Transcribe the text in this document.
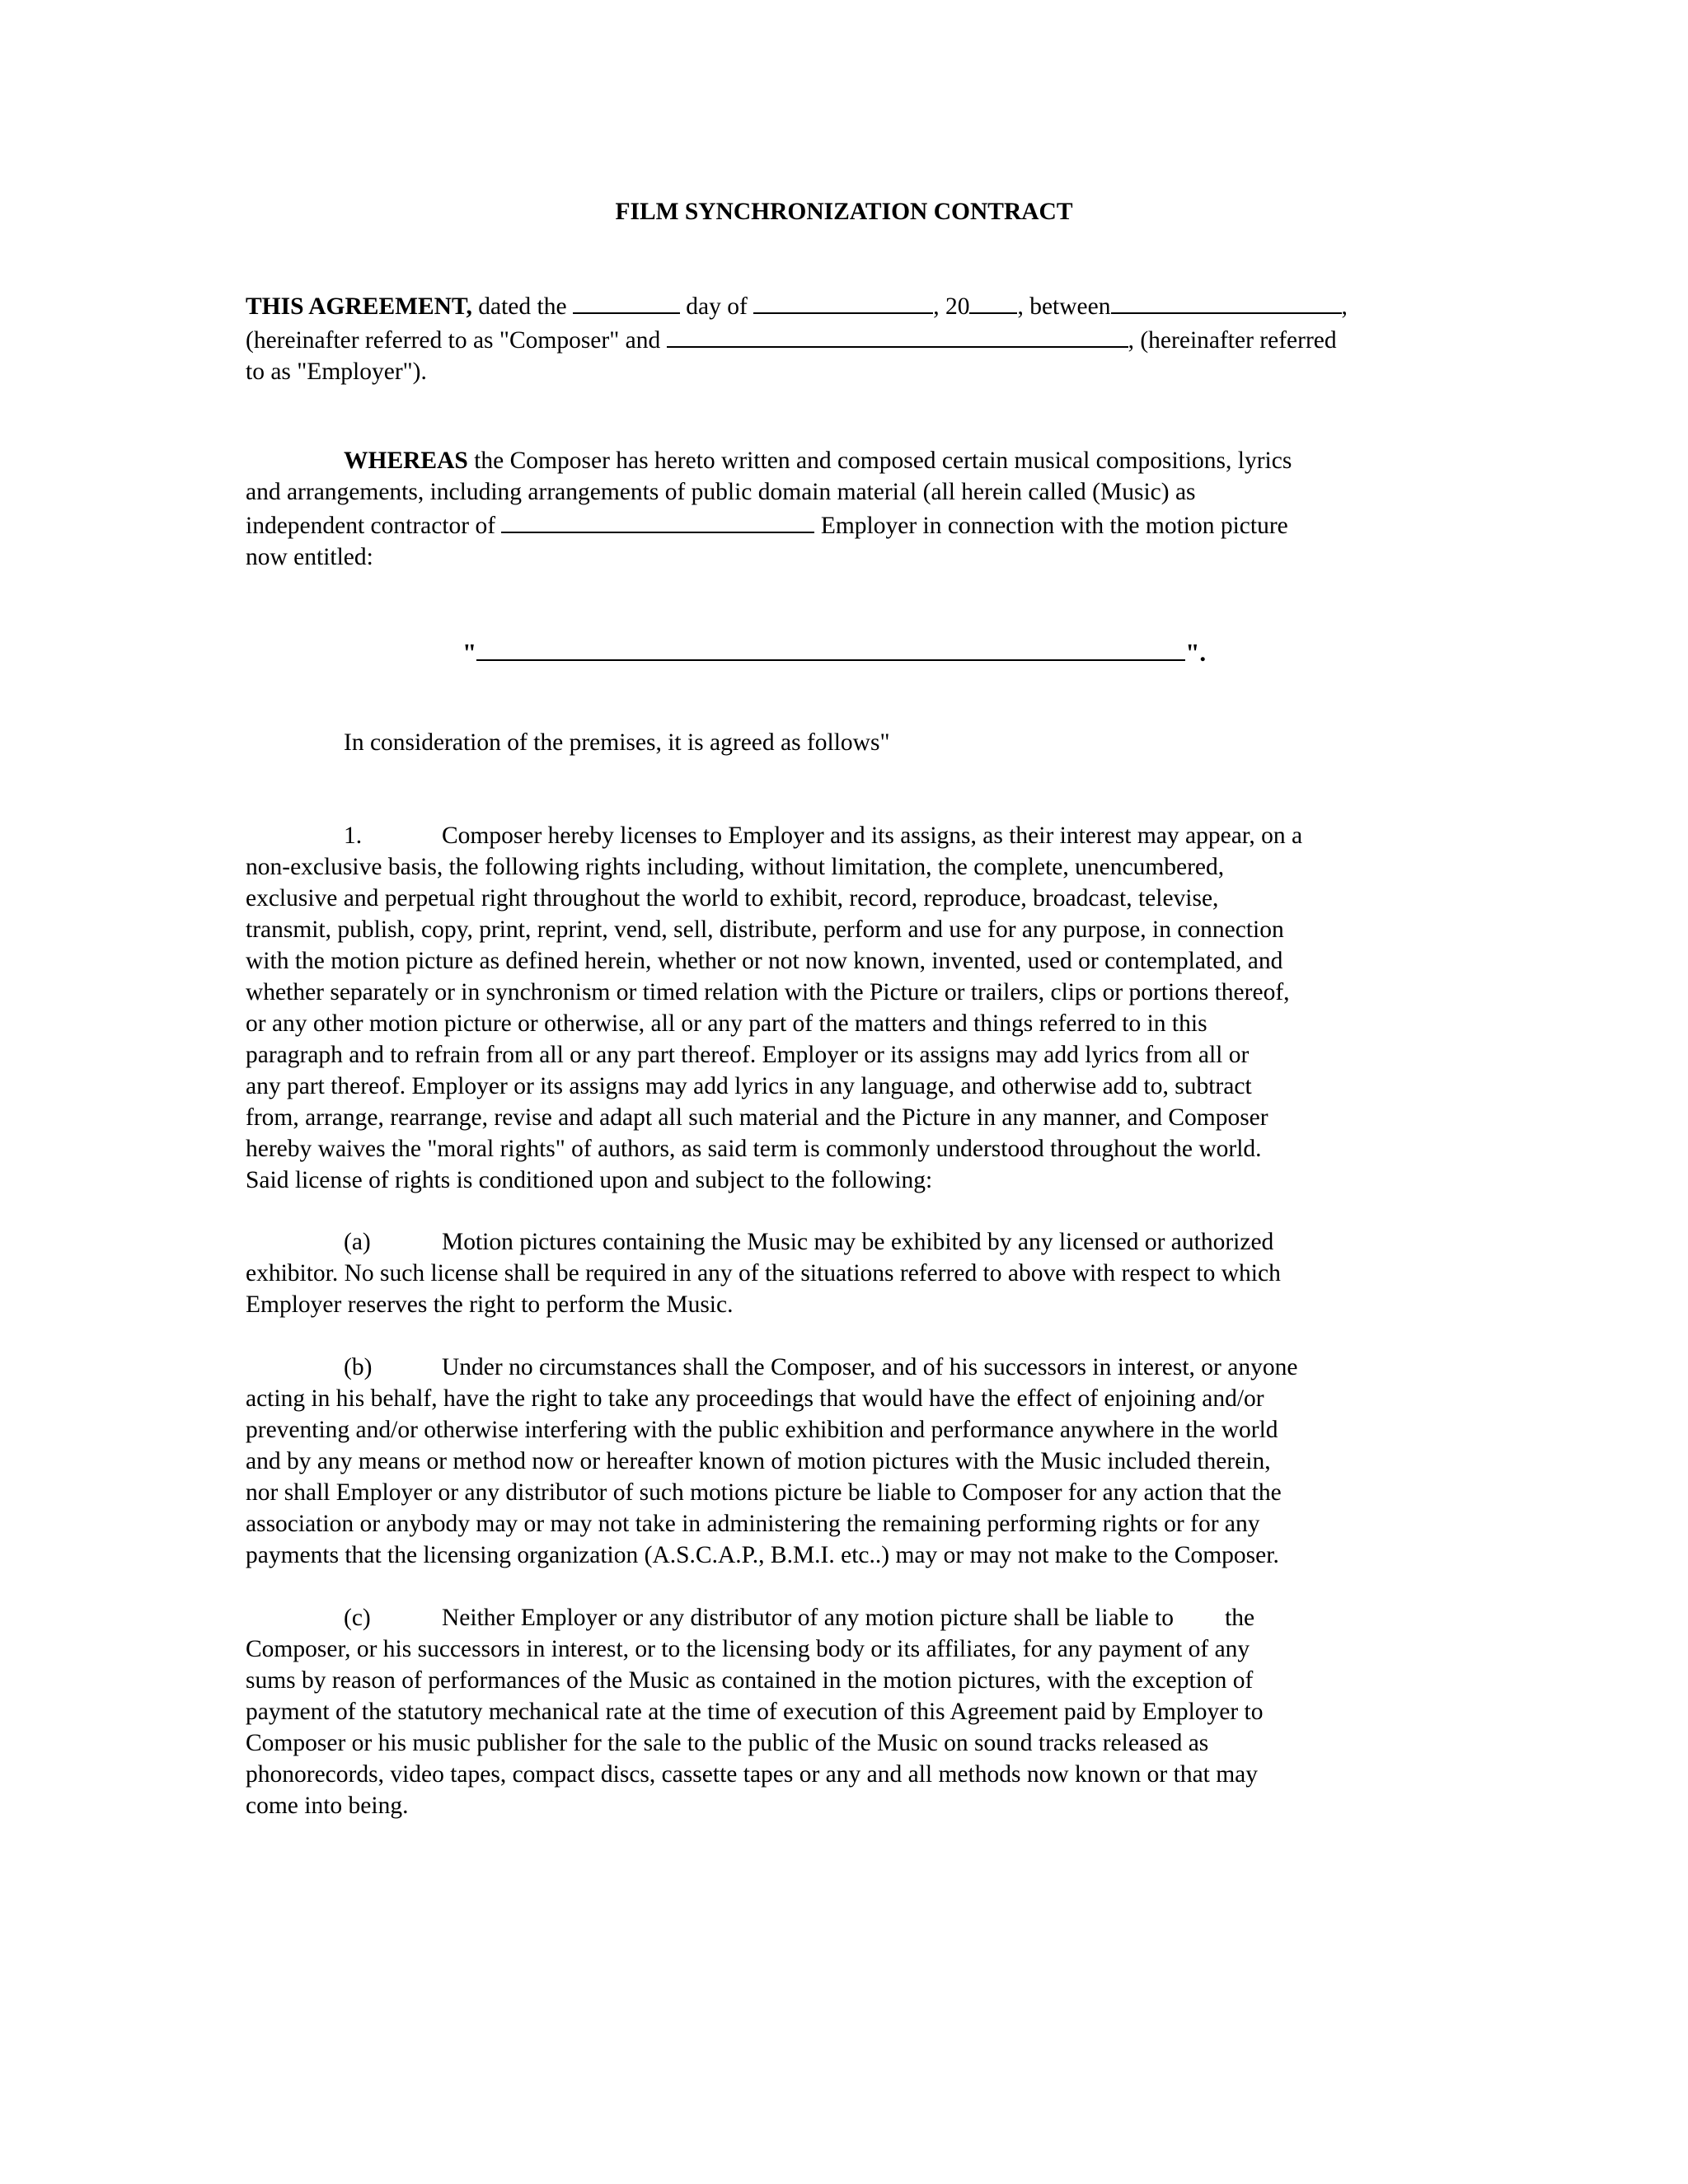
FILM SYNCHRONIZATION CONTRACT

THIS AGREEMENT, dated the	day of	, 20 , between	,
(hereinafter referred to as "Composer" and	, (hereinafter referred
to as "Employer").
WHEREAS the Composer has hereto written and composed certain musical compositions, lyrics
and arrangements, including arrangements of public domain material (all herein called (Music) as
independent contractor of	Employer in connection with the motion picture
now entitled:
"	".
In consideration of the premises, it is agreed as follows"
1.	Composer hereby licenses to Employer and its assigns, as their interest may appear, on a
non-exclusive basis, the following rights including, without limitation, the complete, unencumbered,
exclusive and perpetual right throughout the world to exhibit, record, reproduce, broadcast, televise,
transmit, publish, copy, print, reprint, vend, sell, distribute, perform and use for any purpose, in connection
with the motion picture as defined herein, whether or not now known, invented, used or contemplated, and
whether separately or in synchronism or timed relation with the Picture or trailers, clips or portions thereof,
or any other motion picture or otherwise, all or any part of the matters and things referred to in this
paragraph and to refrain from all or any part thereof. Employer or its assigns may add lyrics from all or
any part thereof. Employer or its assigns may add lyrics in any language, and otherwise add to, subtract
from, arrange, rearrange, revise and adapt all such material and the Picture in any manner, and Composer
hereby waives the "moral rights" of authors, as said term is commonly understood throughout the world.
Said license of rights is conditioned upon and subject to the following:
(a)	Motion pictures containing the Music may be exhibited by any licensed or authorized
exhibitor. No such license shall be required in any of the situations referred to above with respect to which
Employer reserves the right to perform the Music.
(b)	Under no circumstances shall the Composer, and of his successors in interest, or anyone
acting in his behalf, have the right to take any proceedings that would have the effect of enjoining and/or
preventing and/or otherwise interfering with the public exhibition and performance anywhere in the world
and by any means or method now or hereafter known of motion pictures with the Music included therein,
nor shall Employer or any distributor of such motions picture be liable to Composer for any action that the
association or anybody may or may not take in administering the remaining performing rights or for any
payments that the licensing organization (A.S.C.A.P., B.M.I. etc..) may or may not make to the Composer.
(c)	Neither Employer or any distributor of any motion picture shall be liable to the
Composer, or his successors in interest, or to the licensing body or its affiliates, for any payment of any
sums by reason of performances of the Music as contained in the motion pictures, with the exception of
payment of the statutory mechanical rate at the time of execution of this Agreement paid by Employer to
Composer or his music publisher for the sale to the public of the Music on sound tracks released as
phonorecords, video tapes, compact discs, cassette tapes or any and all methods now known or that may
come into being.
